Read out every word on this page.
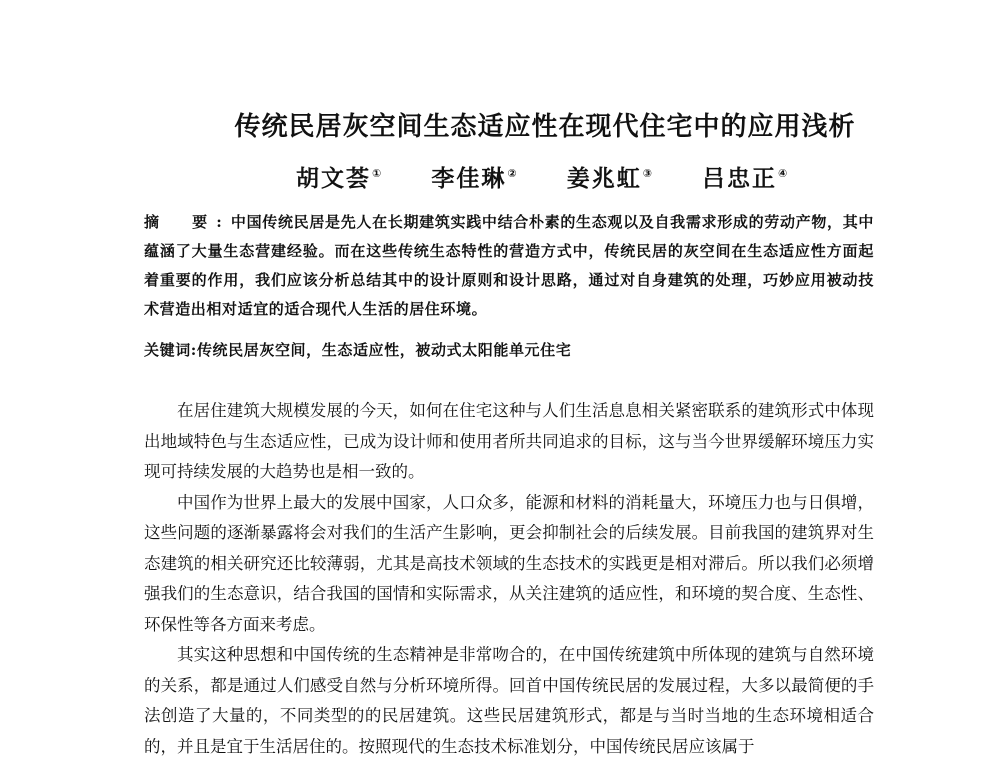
传统民居灰空间生态适应性在现代住宅中的应用浅析
胡文荟① 李佳琳② 姜兆虹③ 吕忠正④
摘　要:中国传统民居是先人在长期建筑实践中结合朴素的生态观以及自我需求形成的劳动产物，其中蕴涵了大量生态营建经验。而在这些传统生态特性的营造方式中，传统民居的灰空间在生态适应性方面起着重要的作用，我们应该分析总结其中的设计原则和设计思路，通过对自身建筑的处理，巧妙应用被动技术营造出相对适宜的适合现代人生活的居住环境。
关键词:传统民居灰空间，生态适应性，被动式太阳能单元住宅

在居住建筑大规模发展的今天，如何在住宅这种与人们生活息息相关紧密联系的建筑形式中体现出地域特色与生态适应性，已成为设计师和使用者所共同追求的目标，这与当今世界缓解环境压力实现可持续发展的大趋势也是相一致的。

中国作为世界上最大的发展中国家，人口众多，能源和材料的消耗量大，环境压力也与日俱增，这些问题的逐渐暴露将会对我们的生活产生影响，更会抑制社会的后续发展。目前我国的建筑界对生态建筑的相关研究还比较薄弱，尤其是高技术领域的生态技术的实践更是相对滞后。所以我们必须增强我们的生态意识，结合我国的国情和实际需求，从关注建筑的适应性，和环境的契合度、生态性、环保性等各方面来考虑。

其实这种思想和中国传统的生态精神是非常吻合的，在中国传统建筑中所体现的建筑与自然环境的关系，都是通过人们感受自然与分析环境所得。回首中国传统民居的发展过程，大多以最简便的手法创造了大量的，不同类型的的民居建筑。这些民居建筑形式，都是与当时当地的生态环境相适合的，并且是宜于生活居住的。按照现代的生态技术标准划分，中国传统民居应该属于
